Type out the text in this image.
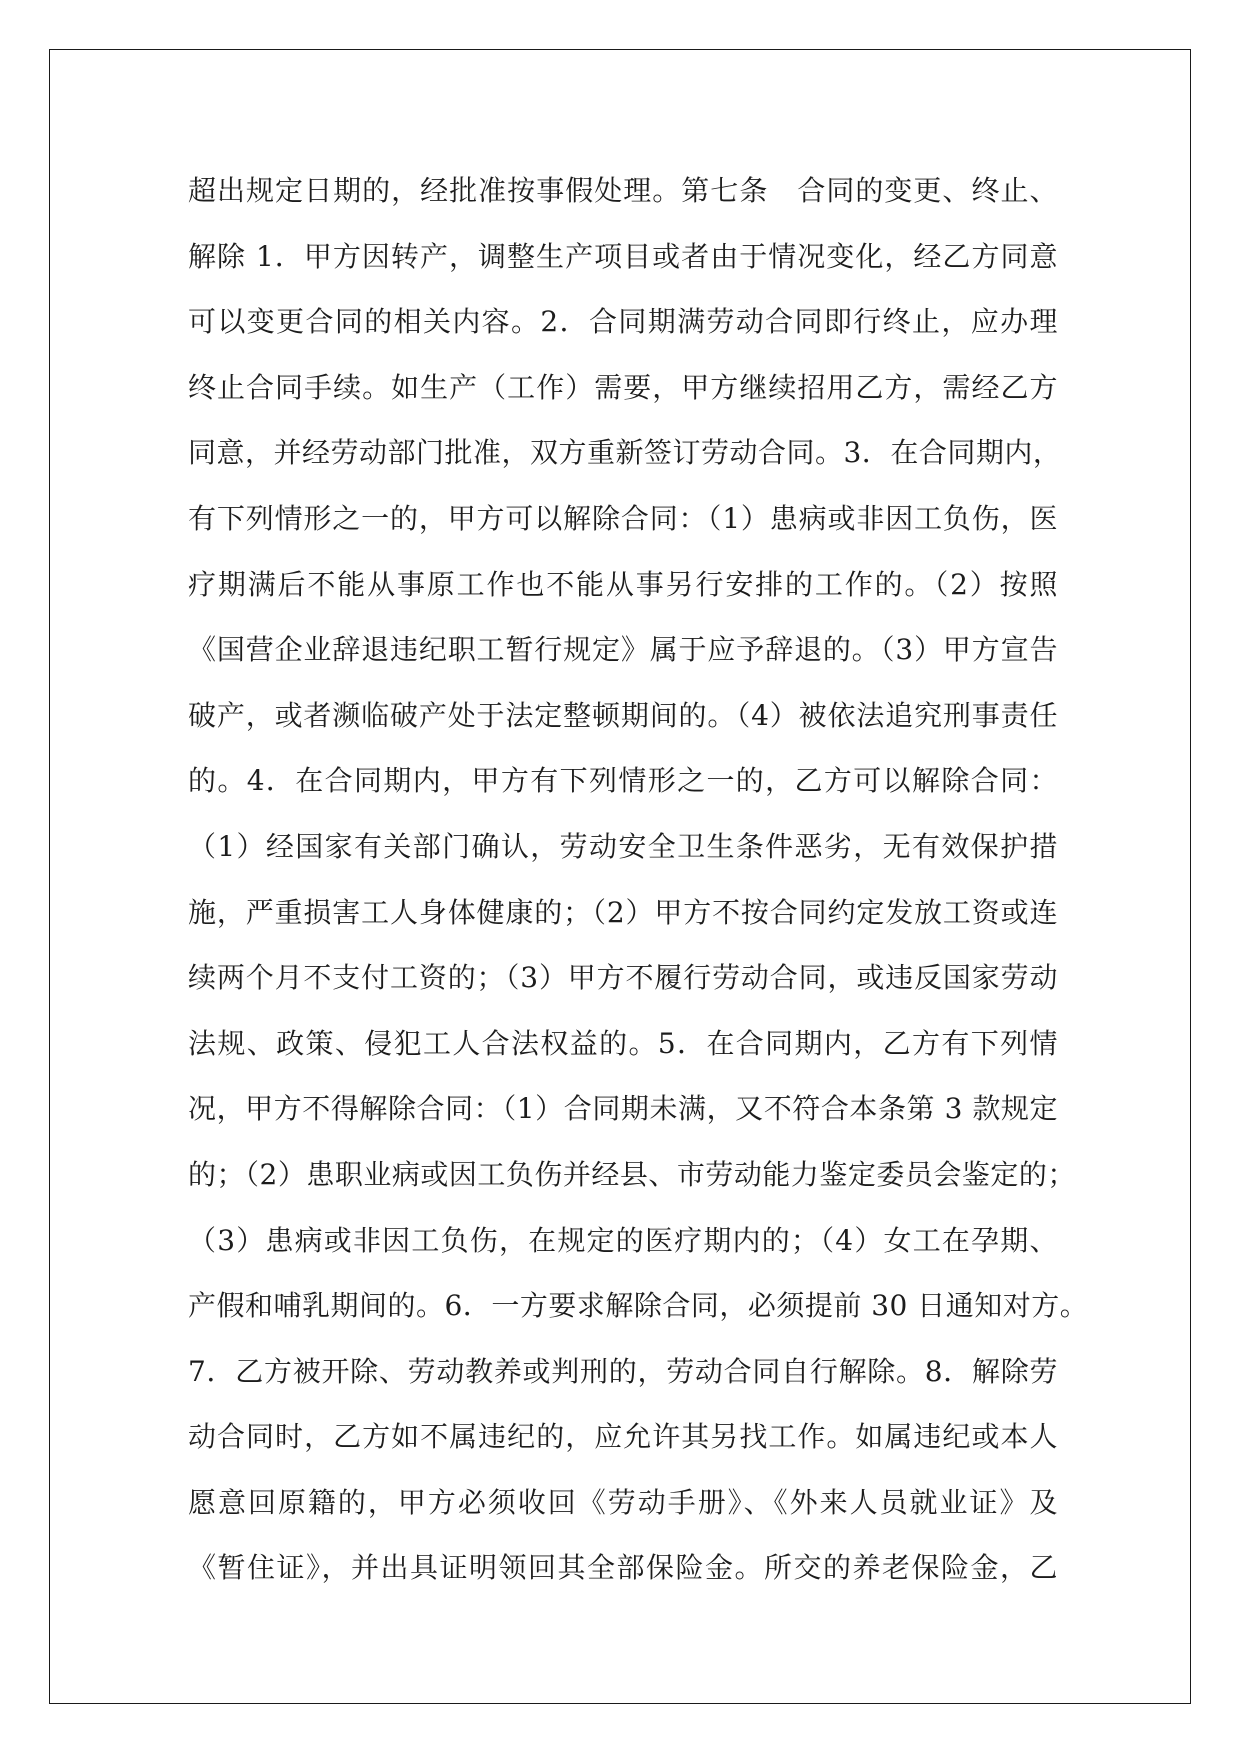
超出规定日期的，经批准按事假处理。第七条　合同的变更、终止、
解除 1．甲方因转产，调整生产项目或者由于情况变化，经乙方同意
可以变更合同的相关内容。2．合同期满劳动合同即行终止，应办理
终止合同手续。如生产（工作）需要，甲方继续招用乙方，需经乙方
同意，并经劳动部门批准，双方重新签订劳动合同。3．在合同期内，
有下列情形之一的，甲方可以解除合同：（1）患病或非因工负伤，医
疗期满后不能从事原工作也不能从事另行安排的工作的。（2）按照
《国营企业辞退违纪职工暂行规定》属于应予辞退的。（3）甲方宣告
破产，或者濒临破产处于法定整顿期间的。（4）被依法追究刑事责任
的。4．在合同期内，甲方有下列情形之一的，乙方可以解除合同：
（1）经国家有关部门确认，劳动安全卫生条件恶劣，无有效保护措
施，严重损害工人身体健康的；（2）甲方不按合同约定发放工资或连
续两个月不支付工资的；（3）甲方不履行劳动合同，或违反国家劳动
法规、政策、侵犯工人合法权益的。5．在合同期内，乙方有下列情
况，甲方不得解除合同：（1）合同期未满，又不符合本条第 3 款规定
的；（2）患职业病或因工负伤并经县、市劳动能力鉴定委员会鉴定的；
（3）患病或非因工负伤，在规定的医疗期内的；（4）女工在孕期、
产假和哺乳期间的。6．一方要求解除合同，必须提前 30 日通知对方。
7．乙方被开除、劳动教养或判刑的，劳动合同自行解除。8．解除劳
动合同时，乙方如不属违纪的，应允许其另找工作。如属违纪或本人
愿意回原籍的，甲方必须收回《劳动手册》、《外来人员就业证》及
《暂住证》，并出具证明领回其全部保险金。所交的养老保险金，乙
